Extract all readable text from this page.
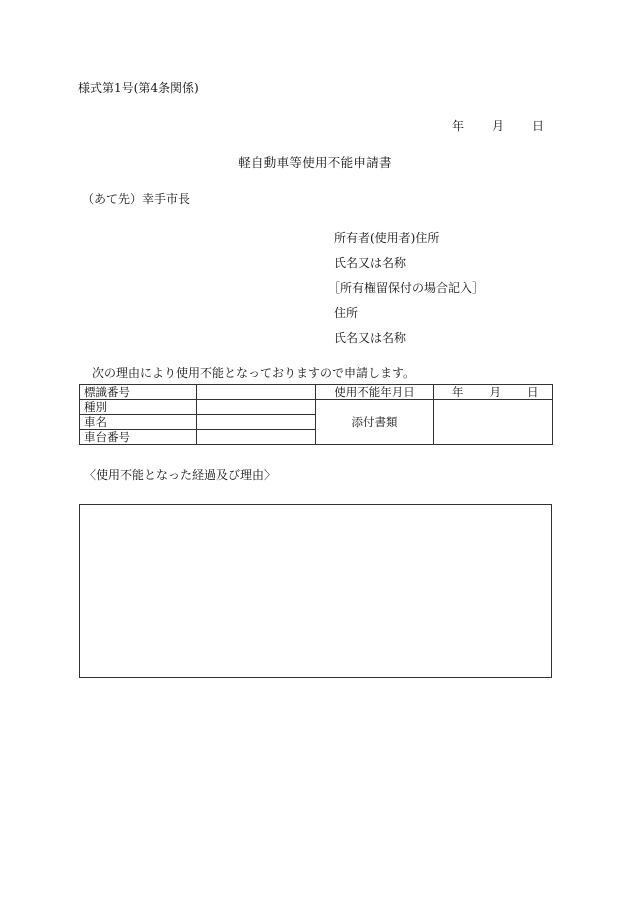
様式第1号(第4条関係)
年 月 日
軽自動車等使用不能申請書
（あて先）幸手市長
所有者(使用者)住所
氏名又は名称
［所有権留保付の場合記入］
住所
氏名又は名称
次の理由により使用不能となっておりますので申請します。
標識番号		使用不能年月日	年 月 日
種別		添付書類	
車名			
車台番号			
〈使用不能となった経過及び理由〉
